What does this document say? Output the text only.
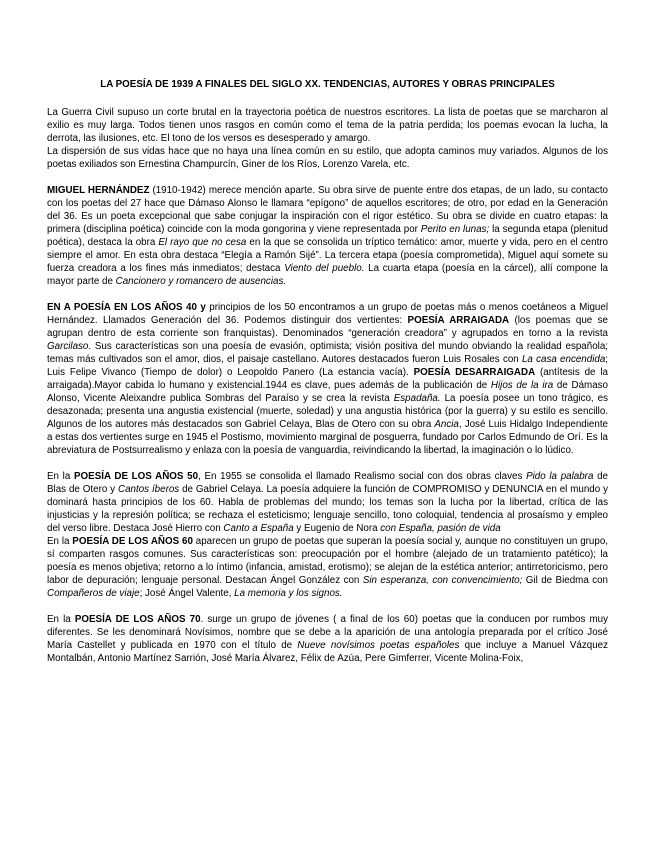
LA POESÍA DE 1939 A FINALES DEL SIGLO XX. TENDENCIAS, AUTORES Y OBRAS PRINCIPALES

La Guerra Civil supuso un corte brutal en la trayectoria poética de nuestros escritores. La lista de poetas que se marcharon al exilio es muy larga. Todos tienen unos rasgos en común como el tema de la patria perdida; los poemas evocan la lucha, la derrota, las ilusiones, etc. El tono de los versos es desesperado y amargo.

La dispersión de sus vidas hace que no haya una línea común en su estilo, que adopta caminos muy variados. Algunos de los poetas exiliados son Ernestina Champurcín, Giner de los Ríos, Lorenzo Varela, etc.

MIGUEL HERNÁNDEZ (1910-1942) merece mención aparte. Su obra sirve de puente entre dos etapas, de un lado, su contacto con los poetas del 27 hace que Dámaso Alonso le llamara “epígono” de aquellos escritores; de otro, por edad en la Generación del 36. Es un poeta excepcional que sabe conjugar la inspiración con el rigor estético. Su obra se divide en cuatro etapas: la primera (disciplina poética) coincide con la moda gongorina y viene representada por Perito en lunas; la segunda etapa (plenitud poética), destaca la obra El rayo que no cesa en la que se consolida un tríptico temático: amor, muerte y vida, pero en el centro siempre el amor. En esta obra destaca “Elegía a Ramón Sijé”. La tercera etapa (poesía comprometida), Miguel aquí somete su fuerza creadora a los fines más inmediatos; destaca Viento del pueblo. La cuarta etapa (poesía en la cárcel), allí compone la mayor parte de Cancionero y romancero de ausencias.

EN A POESÍA EN LOS AÑOS 40 y principios de los 50 encontramos a un grupo de poetas más o menos coetáneos a Miguel Hernández. Llamados Generación del 36. Podemos distinguir dos vertientes: POESÍA ARRAIGADA (los poemas que se agrupan dentro de esta corriente son franquistas). Denominados “generación creadora” y agrupados en torno a la revista Garcilaso. Sus características son una poesía de evasión, optimista; visión positiva del mundo obviando la realidad española; temas más cultivados son el amor, dios, el paisaje castellano. Autores destacados fueron Luis Rosales con La casa encendida; Luis Felipe Vivanco (Tiempo de dolor) o Leopoldo Panero (La estancia vacía). POESÍA DESARRAIGADA (antítesis de la arraigada).Mayor cabida lo humano y existencial.1944 es clave, pues además de la publicación de Hijos de la ira de Dámaso Alonso, Vicente Aleixandre publica Sombras del Paraíso y se crea la revista Espadaña. La poesía posee un tono trágico, es desazonada; presenta una angustia existencial (muerte, soledad) y una angustia histórica (por la guerra) y su estilo es sencillo. Algunos de los autores más destacados son Gabriel Celaya, Blas de Otero con su obra Ancia, José Luis Hidalgo Independiente a estas dos vertientes surge en 1945 el Postismo, movimiento marginal de posguerra, fundado por Carlos Edmundo de Orí. Es la abreviatura de Postsurrealismo y enlaza con la poesía de vanguardia, reivindicando la libertad, la imaginación o lo lúdico.

En la POESÍA DE LOS AÑOS 50, En 1955 se consolida el llamado Realismo social con dos obras claves Pido la palabra de Blas de Otero y Cantos íberos de Gabriel Celaya. La poesía adquiere la función de COMPROMISO y DENUNCIA en el mundo y dominará hasta principios de los 60. Habla de problemas del mundo; los temas son la lucha por la libertad, crítica de las injusticias y la represión política; se rechaza el esteticismo; lenguaje sencillo, tono coloquial, tendencia al prosaísmo y empleo del verso libre. Destaca José Hierro con Canto a España y Eugenio de Nora con España, pasión de vida

En la POESÍA DE LOS AÑOS 60 aparecen un grupo de poetas que superan la poesía social y, aunque no constituyen un grupo, sí comparten rasgos comunes. Sus características son: preocupación por el hombre (alejado de un tratamiento patético); la poesía es menos objetiva; retorno a lo íntimo (infancia, amistad, erotismo); se alejan de la estética anterior; antirretoricismo, pero labor de depuración; lenguaje personal. Destacan Ángel González con Sin esperanza, con convencimiento; Gil de Biedma con Compañeros de viaje; José Ángel Valente, La memoria y los signos.

En la POESÍA DE LOS AÑOS 70. surge un grupo de jóvenes ( a final de los 60) poetas que la conducen por rumbos muy diferentes. Se les denominará Novísimos, nombre que se debe a la aparición de una antología preparada por el crítico José María Castellet y publicada en 1970 con el título de Nueve novísimos poetas españoles que incluye a Manuel Vázquez Montalbán, Antonio Martínez Sarrión, José María Álvarez, Félix de Azúa, Pere Gimferrer, Vicente Molina-Foix,
